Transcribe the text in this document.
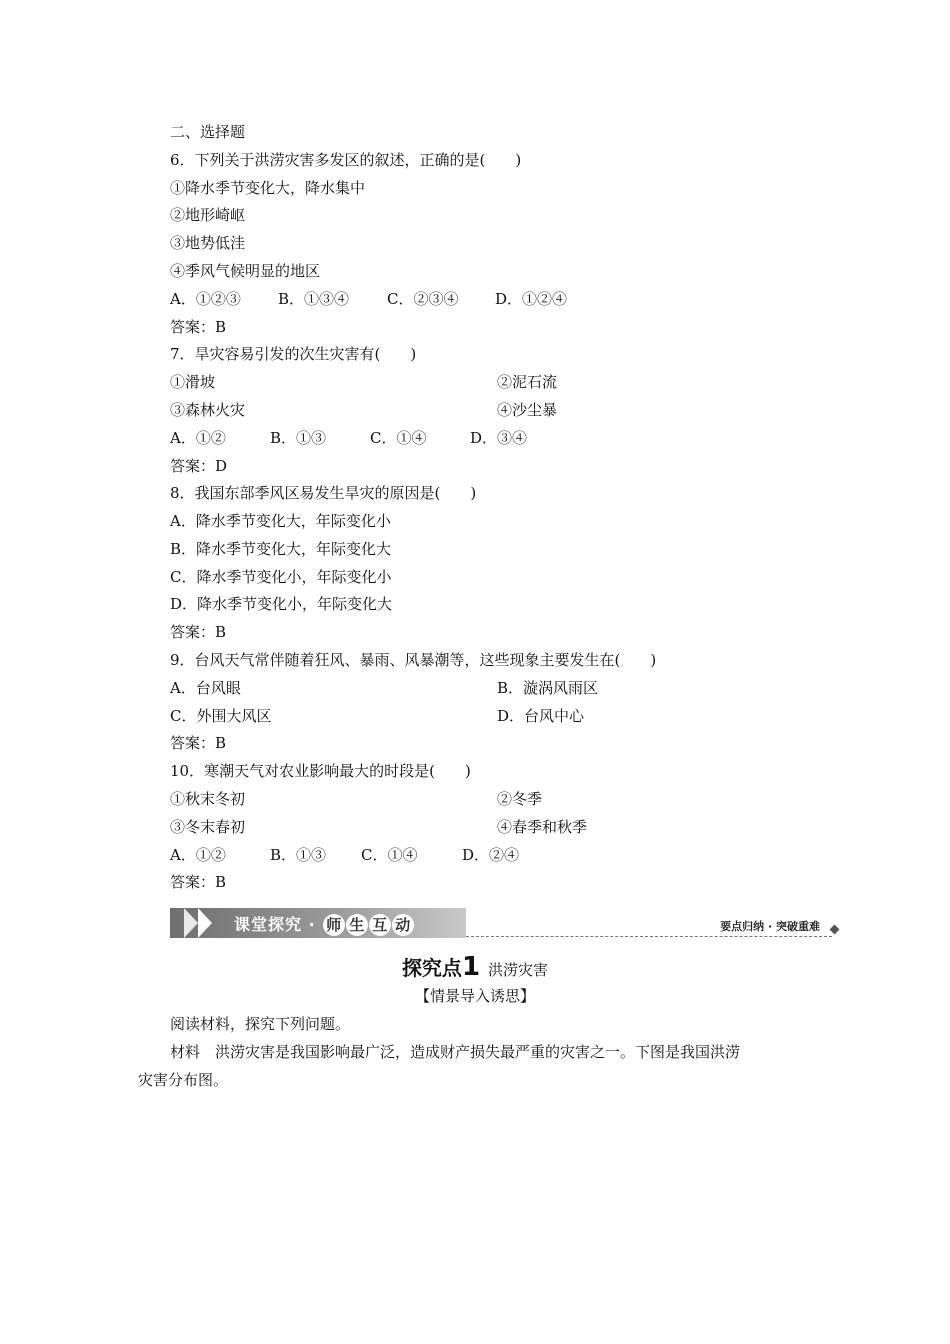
二、选择题
6．下列关于洪涝灾害多发区的叙述，正确的是(　　)
①降水季节变化大，降水集中
②地形崎岖
③地势低洼
④季风气候明显的地区
A．①②③ B．①③④	C．②③④ D．①②④
答案：B
7．旱灾容易引发的次生灾害有(　　)
①滑坡	②泥石流
③森林火灾	④沙尘暴
A．①②	B．①③	C．①④	D．③④
答案：D
8．我国东部季风区易发生旱灾的原因是(　　)
A．降水季节变化大，年际变化小
B．降水季节变化大，年际变化大
C．降水季节变化小，年际变化小
D．降水季节变化小，年际变化大
答案：B
9．台风天气常伴随着狂风、暴雨、风暴潮等，这些现象主要发生在(　　)
A．台风眼	B．漩涡风雨区
C．外围大风区	D．台风中心
答案：B
10．寒潮天气对农业影响最大的时段是(　　)
①秋末冬初	②冬季
③冬末春初	④春季和秋季
A．①②	B．①③ C．①④	D．②④
答案：B
课堂探究 · 师 生 互 动	要点归纳 · 突破重难
探究点1 洪涝灾害
【情景导入诱思】
阅读材料，探究下列问题。
材料　洪涝灾害是我国影响最广泛，造成财产损失最严重的灾害之一。下图是我国洪涝
灾害分布图。
